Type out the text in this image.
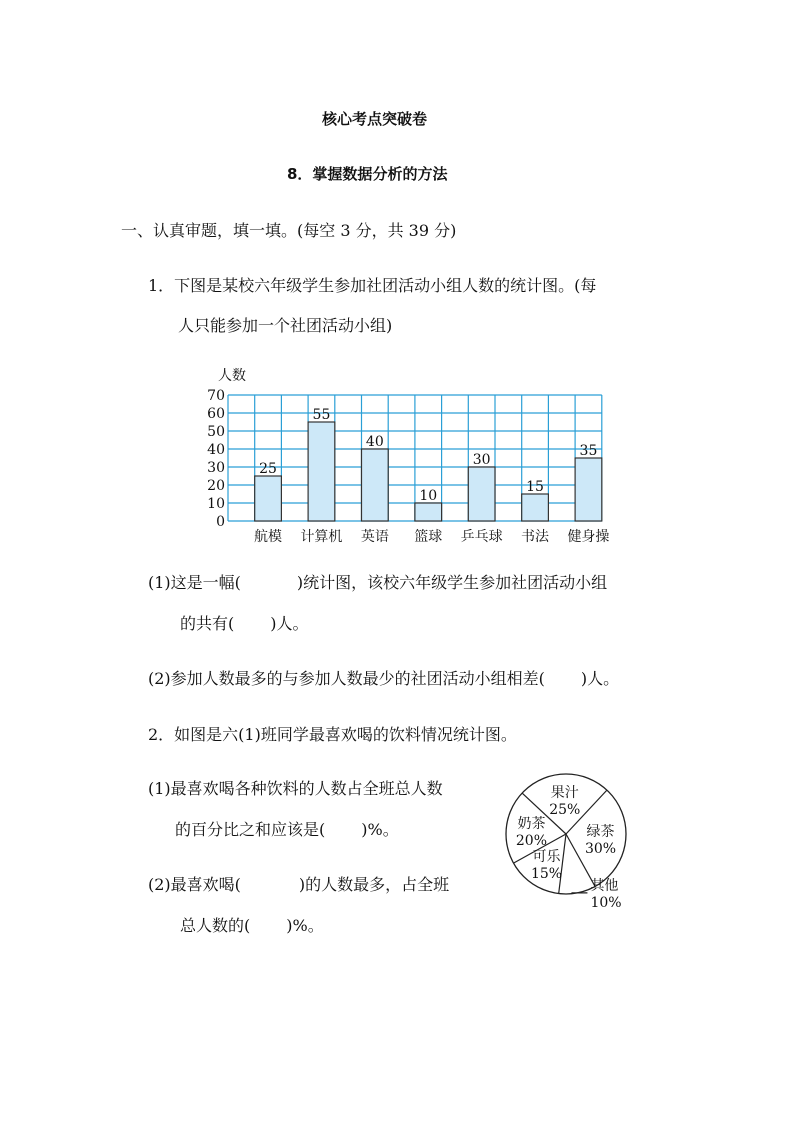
核心考点突破卷
8．掌握数据分析的方法
一、认真审题，填一填。(每空 3 分，共 39 分)
1．下图是某校六年级学生参加社团活动小组人数的统计图。(每
人只能参加一个社团活动小组)
人数
0
10
20
30
40
50
60
70
25
航模
55
计算机
40
英语
10
篮球
30
乒乓球
15
书法
35
健身操
(1)这是一幅(	)统计图，该校六年级学生参加社团活动小组
的共有( )人。
(2)参加人数最多的与参加人数最少的社团活动小组相差( )人。
2．如图是六(1)班同学最喜欢喝的饮料情况统计图。
(1)最喜欢喝各种饮料的人数占全班总人数
的百分比之和应该是( )%。
(2)最喜欢喝(	)的人数最多，占全班
总人数的( )%。
果汁
25%
绿茶
30%
其他
10%
可乐
15%
奶茶
20%
